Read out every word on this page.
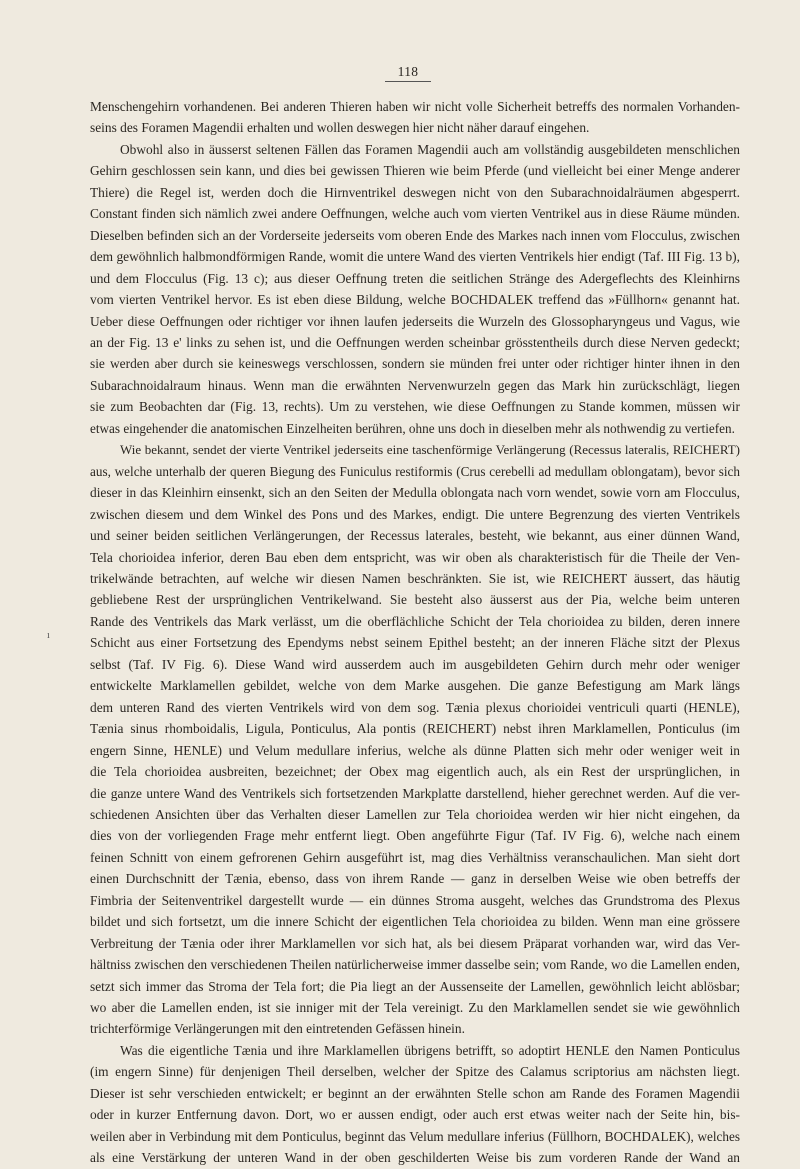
118
ı
Menschengehirn vorhandenen. Bei anderen Thieren haben wir nicht volle Sicherheit betreffs des normalen Vorhanden-
seins des Foramen Magendii erhalten und wollen deswegen hier nicht näher darauf eingehen.
Obwohl also in äusserst seltenen Fällen das Foramen Magendii auch am vollständig ausgebildeten menschlichen
Gehirn geschlossen sein kann, und dies bei gewissen Thieren wie beim Pferde (und vielleicht bei einer Menge anderer
Thiere) die Regel ist, werden doch die Hirnventrikel deswegen nicht von den Subarachnoidalräumen abgesperrt.
Constant finden sich nämlich zwei andere Oeffnungen, welche auch vom vierten Ventrikel aus in diese Räume münden.
Dieselben befinden sich an der Vorderseite jederseits vom oberen Ende des Markes nach innen vom Flocculus, zwischen
dem gewöhnlich halbmondförmigen Rande, womit die untere Wand des vierten Ventrikels hier endigt (Taf. III Fig. 13 b),
und dem Flocculus (Fig. 13 c); aus dieser Oeffnung treten die seitlichen Stränge des Adergeflechts des Kleinhirns
vom vierten Ventrikel hervor. Es ist eben diese Bildung, welche BOCHDALEK treffend das »Füllhorn« genannt hat.
Ueber diese Oeffnungen oder richtiger vor ihnen laufen jederseits die Wurzeln des Glossopharyngeus und Vagus, wie
an der Fig. 13 e' links zu sehen ist, und die Oeffnungen werden scheinbar grösstentheils durch diese Nerven gedeckt;
sie werden aber durch sie keineswegs verschlossen, sondern sie münden frei unter oder richtiger hinter ihnen in den
Subarachnoidalraum hinaus. Wenn man die erwähnten Nervenwurzeln gegen das Mark hin zurückschlägt, liegen
sie zum Beobachten dar (Fig. 13, rechts). Um zu verstehen, wie diese Oeffnungen zu Stande kommen, müssen wir
etwas eingehender die anatomischen Einzelheiten berühren, ohne uns doch in dieselben mehr als nothwendig zu vertiefen.
Wie bekannt, sendet der vierte Ventrikel jederseits eine taschenförmige Verlängerung (Recessus lateralis, REICHERT)
aus, welche unterhalb der queren Biegung des Funiculus restiformis (Crus cerebelli ad medullam oblongatam), bevor sich
dieser in das Kleinhirn einsenkt, sich an den Seiten der Medulla oblongata nach vorn wendet, sowie vorn am Flocculus,
zwischen diesem und dem Winkel des Pons und des Markes, endigt. Die untere Begrenzung des vierten Ventrikels
und seiner beiden seitlichen Verlängerungen, der Recessus laterales, besteht, wie bekannt, aus einer dünnen Wand,
Tela chorioidea inferior, deren Bau eben dem entspricht, was wir oben als charakteristisch für die Theile der Ven-
trikelwände betrachten, auf welche wir diesen Namen beschränkten. Sie ist, wie REICHERT äussert, das häutig
gebliebene Rest der ursprünglichen Ventrikelwand. Sie besteht also äusserst aus der Pia, welche beim unteren
Rande des Ventrikels das Mark verlässt, um die oberflächliche Schicht der Tela chorioidea zu bilden, deren innere
Schicht aus einer Fortsetzung des Ependyms nebst seinem Epithel besteht; an der inneren Fläche sitzt der Plexus
selbst (Taf. IV Fig. 6). Diese Wand wird ausserdem auch im ausgebildeten Gehirn durch mehr oder weniger
entwickelte Marklamellen gebildet, welche von dem Marke ausgehen. Die ganze Befestigung am Mark längs
dem unteren Rand des vierten Ventrikels wird von dem sog. Tænia plexus chorioidei ventriculi quarti (HENLE),
Tænia sinus rhomboidalis, Ligula, Ponticulus, Ala pontis (REICHERT) nebst ihren Marklamellen, Ponticulus (im
engern Sinne, HENLE) und Velum medullare inferius, welche als dünne Platten sich mehr oder weniger weit in
die Tela chorioidea ausbreiten, bezeichnet; der Obex mag eigentlich auch, als ein Rest der ursprünglichen, in
die ganze untere Wand des Ventrikels sich fortsetzenden Markplatte darstellend, hieher gerechnet werden. Auf die ver-
schiedenen Ansichten über das Verhalten dieser Lamellen zur Tela chorioidea werden wir hier nicht eingehen, da
dies von der vorliegenden Frage mehr entfernt liegt. Oben angeführte Figur (Taf. IV Fig. 6), welche nach einem
feinen Schnitt von einem gefrorenen Gehirn ausgeführt ist, mag dies Verhältniss veranschaulichen. Man sieht dort
einen Durchschnitt der Tænia, ebenso, dass von ihrem Rande — ganz in derselben Weise wie oben betreffs der
Fimbria der Seitenventrikel dargestellt wurde — ein dünnes Stroma ausgeht, welches das Grundstroma des Plexus
bildet und sich fortsetzt, um die innere Schicht der eigentlichen Tela chorioidea zu bilden. Wenn man eine grössere
Verbreitung der Tænia oder ihrer Marklamellen vor sich hat, als bei diesem Präparat vorhanden war, wird das Ver-
hältniss zwischen den verschiedenen Theilen natürlicherweise immer dasselbe sein; vom Rande, wo die Lamellen enden,
setzt sich immer das Stroma der Tela fort; die Pia liegt an der Aussenseite der Lamellen, gewöhnlich leicht ablösbar;
wo aber die Lamellen enden, ist sie inniger mit der Tela vereinigt. Zu den Marklamellen sendet sie wie gewöhnlich
trichterförmige Verlängerungen mit den eintretenden Gefässen hinein.
Was die eigentliche Tænia und ihre Marklamellen übrigens betrifft, so adoptirt HENLE den Namen Ponticulus
(im engern Sinne) für denjenigen Theil derselben, welcher der Spitze des Calamus scriptorius am nächsten liegt.
Dieser ist sehr verschieden entwickelt; er beginnt an der erwähnten Stelle schon am Rande des Foramen Magendii
oder in kurzer Entfernung davon. Dort, wo er aussen endigt, oder auch erst etwas weiter nach der Seite hin, bis-
weilen aber in Verbindung mit dem Ponticulus, beginnt das Velum medullare inferius (Füllhorn, BOCHDALEK), welches
als eine Verstärkung der unteren Wand in der oben geschilderten Weise bis zum vorderen Rande der Wand an
